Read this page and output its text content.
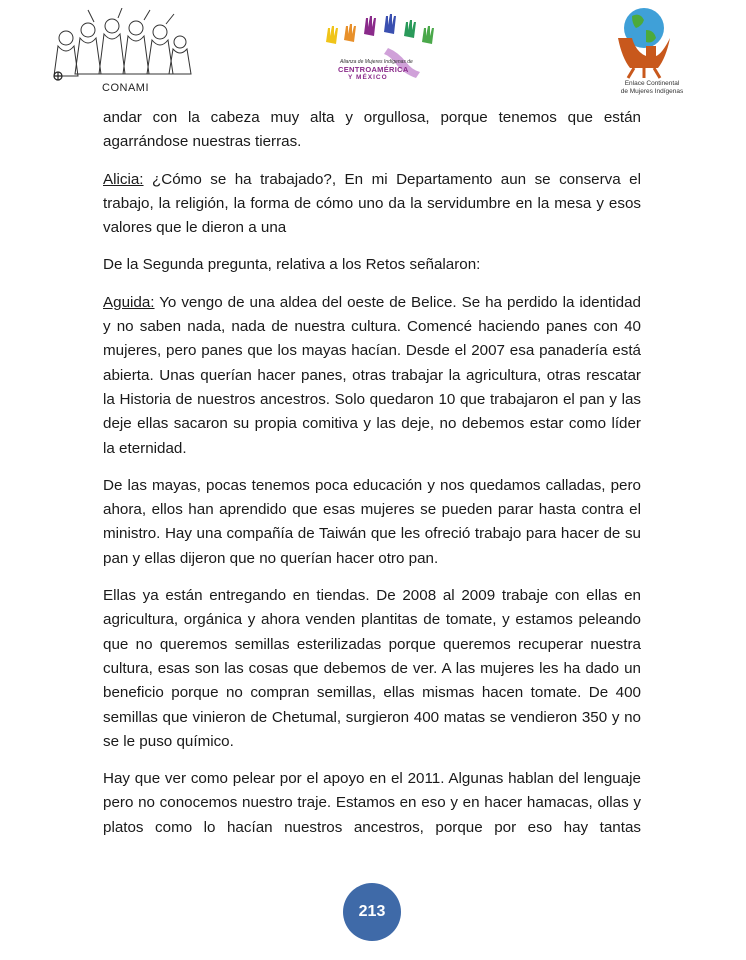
CONAMI
Alianza de Mujeres Indígenas de
CENTROAMÉRICA
Y MÉXICO
Enlace Continental
de Mujeres Indígenas

andar con la cabeza muy alta y orgullosa, porque tenemos que están agarrándose nuestras tierras.

Alicia: ¿Cómo se ha trabajado?, En mi Departamento aun se conserva el trabajo, la religión, la forma de cómo uno da la servidumbre en la mesa y esos valores que le dieron a una

De la Segunda pregunta, relativa a los Retos señalaron:

Aguida: Yo vengo de una aldea del oeste de Belice. Se ha perdido la identidad y no saben nada, nada de nuestra cultura. Comencé haciendo panes con 40 mujeres, pero panes que los mayas hacían. Desde el 2007 esa panadería está abierta. Unas querían hacer panes, otras trabajar la agricultura, otras rescatar la Historia de nuestros ancestros. Solo quedaron 10 que trabajaron el pan y las deje ellas sacaron su propia comitiva y las deje, no debemos estar como líder la eternidad.

De las mayas, pocas tenemos poca educación y nos quedamos calladas, pero ahora, ellos han aprendido que esas mujeres se pueden parar hasta contra el ministro. Hay una compañía de Taiwán que les ofreció trabajo para hacer de su pan y ellas dijeron que no querían hacer otro pan.

Ellas ya están entregando en tiendas. De 2008 al 2009 trabaje con ellas en agricultura, orgánica y ahora venden plantitas de tomate, y estamos peleando que no queremos semillas esterilizadas porque queremos recuperar nuestra cultura, esas son las cosas que debemos de ver. A las mujeres les ha dado un beneficio porque no compran semillas, ellas mismas hacen tomate. De 400 semillas que vinieron de Chetumal, surgieron 400 matas se vendieron 350 y no se le puso químico.

Hay que ver como pelear por el apoyo en el 2011. Algunas hablan del lenguaje pero no conocemos nuestro traje. Estamos en eso y en hacer hamacas, ollas y platos como lo hacían nuestros ancestros, porque por eso hay tantas

213
